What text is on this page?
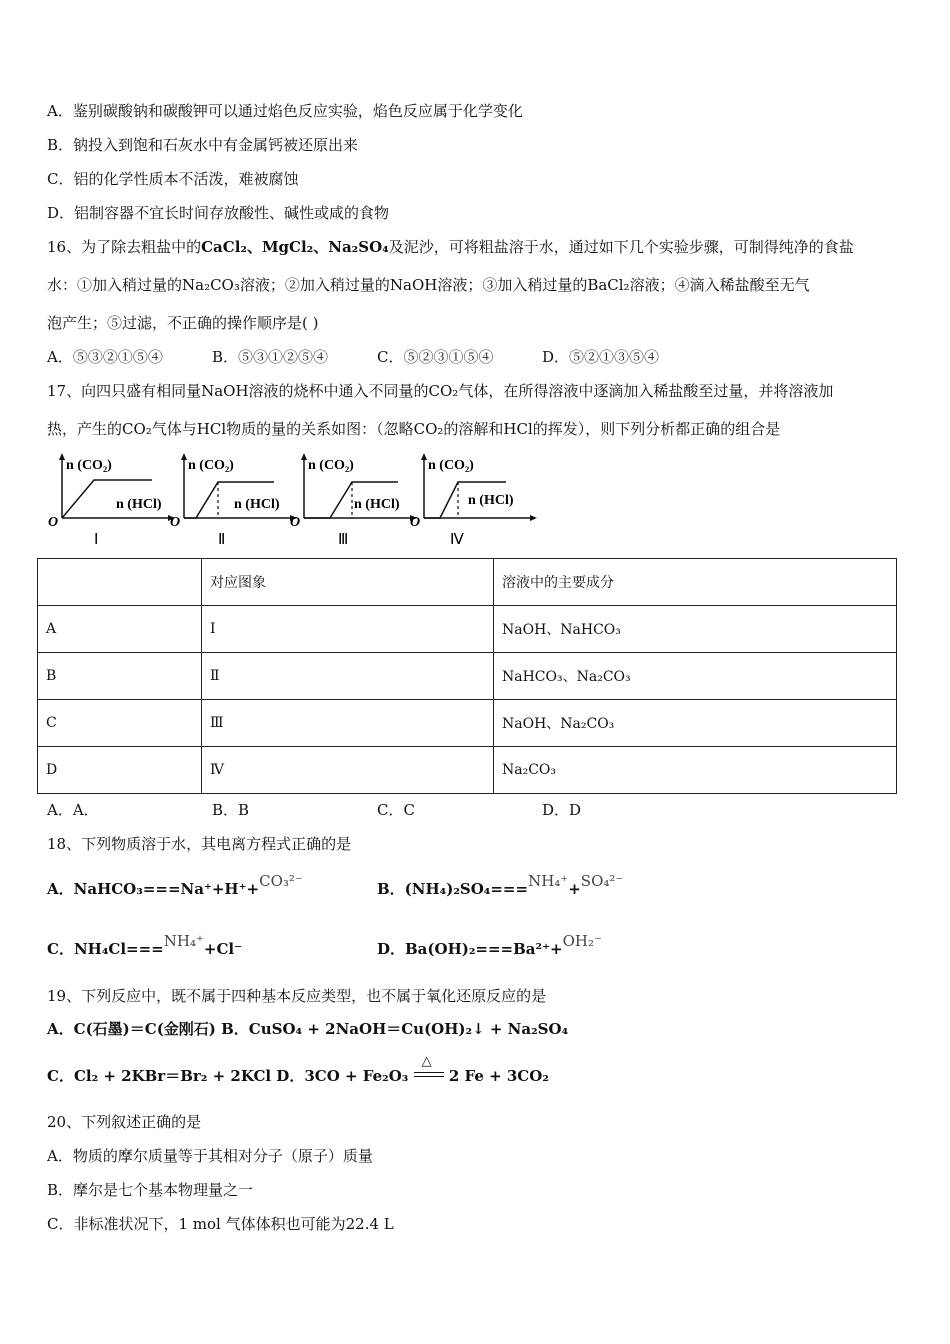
A．鉴别碳酸钠和碳酸钾可以通过焰色反应实验，焰色反应属于化学变化
B．钠投入到饱和石灰水中有金属钙被还原出来
C．铝的化学性质本不活泼，难被腐蚀
D．铝制容器不宜长时间存放酸性、碱性或咸的食物
16、为了除去粗盐中的CaCl₂、MgCl₂、Na₂SO₄及泥沙，可将粗盐溶于水，通过如下几个实验步骤，可制得纯净的食盐
水：①加入稍过量的Na₂CO₃溶液；②加入稍过量的NaOH溶液；③加入稍过量的BaCl₂溶液；④滴入稀盐酸至无气
泡产生；⑤过滤，不正确的操作顺序是( )
A．⑤③②①⑤④	B．⑤③①②⑤④	C．⑤②③①⑤④	D．⑤②①③⑤④
17、向四只盛有相同量NaOH溶液的烧杯中通入不同量的CO₂气体，在所得溶液中逐滴加入稀盐酸至过量，并将溶液加
热，产生的CO₂气体与HCl物质的量的关系如图：（忽略CO₂的溶解和HCl的挥发），则下列分析都正确的组合是
n (CO₂)
n (HCl)
O
Ⅰ
n (CO₂)
n (HCl)
O
Ⅱ
n (CO₂)
n (HCl)
O
Ⅲ
n (CO₂)
n (HCl)
O
Ⅳ
	对应图象	溶液中的主要成分
A	Ⅰ	NaOH、NaHCO₃
B	Ⅱ	NaHCO₃、Na₂CO₃
C	Ⅲ	NaOH、Na₂CO₃
D	Ⅳ	Na₂CO₃
A．A．	B．B	C．C	D．D
18、下列物质溶于水，其电离方程式正确的是
A．NaHCO₃===Na⁺+H⁺+CO₃²⁻	B．(NH₄)₂SO₄===NH₄⁺+SO₄²⁻
C．NH₄Cl===NH₄⁺+Cl⁻	D．Ba(OH)₂===Ba²⁺+OH₂⁻
19、下列反应中，既不属于四种基本反应类型，也不属于氧化还原反应的是
A．C(石墨)＝C(金刚石) B．CuSO₄ + 2NaOH＝Cu(OH)₂↓ + Na₂SO₄
C．Cl₂ + 2KBr＝Br₂ + 2KCl D．3CO + Fe₂O₃
△
2 Fe + 3CO₂
20、下列叙述正确的是
A．物质的摩尔质量等于其相对分子（原子）质量
B．摩尔是七个基本物理量之一
C．非标准状况下，1 mol 气体体积也可能为22.4 L
